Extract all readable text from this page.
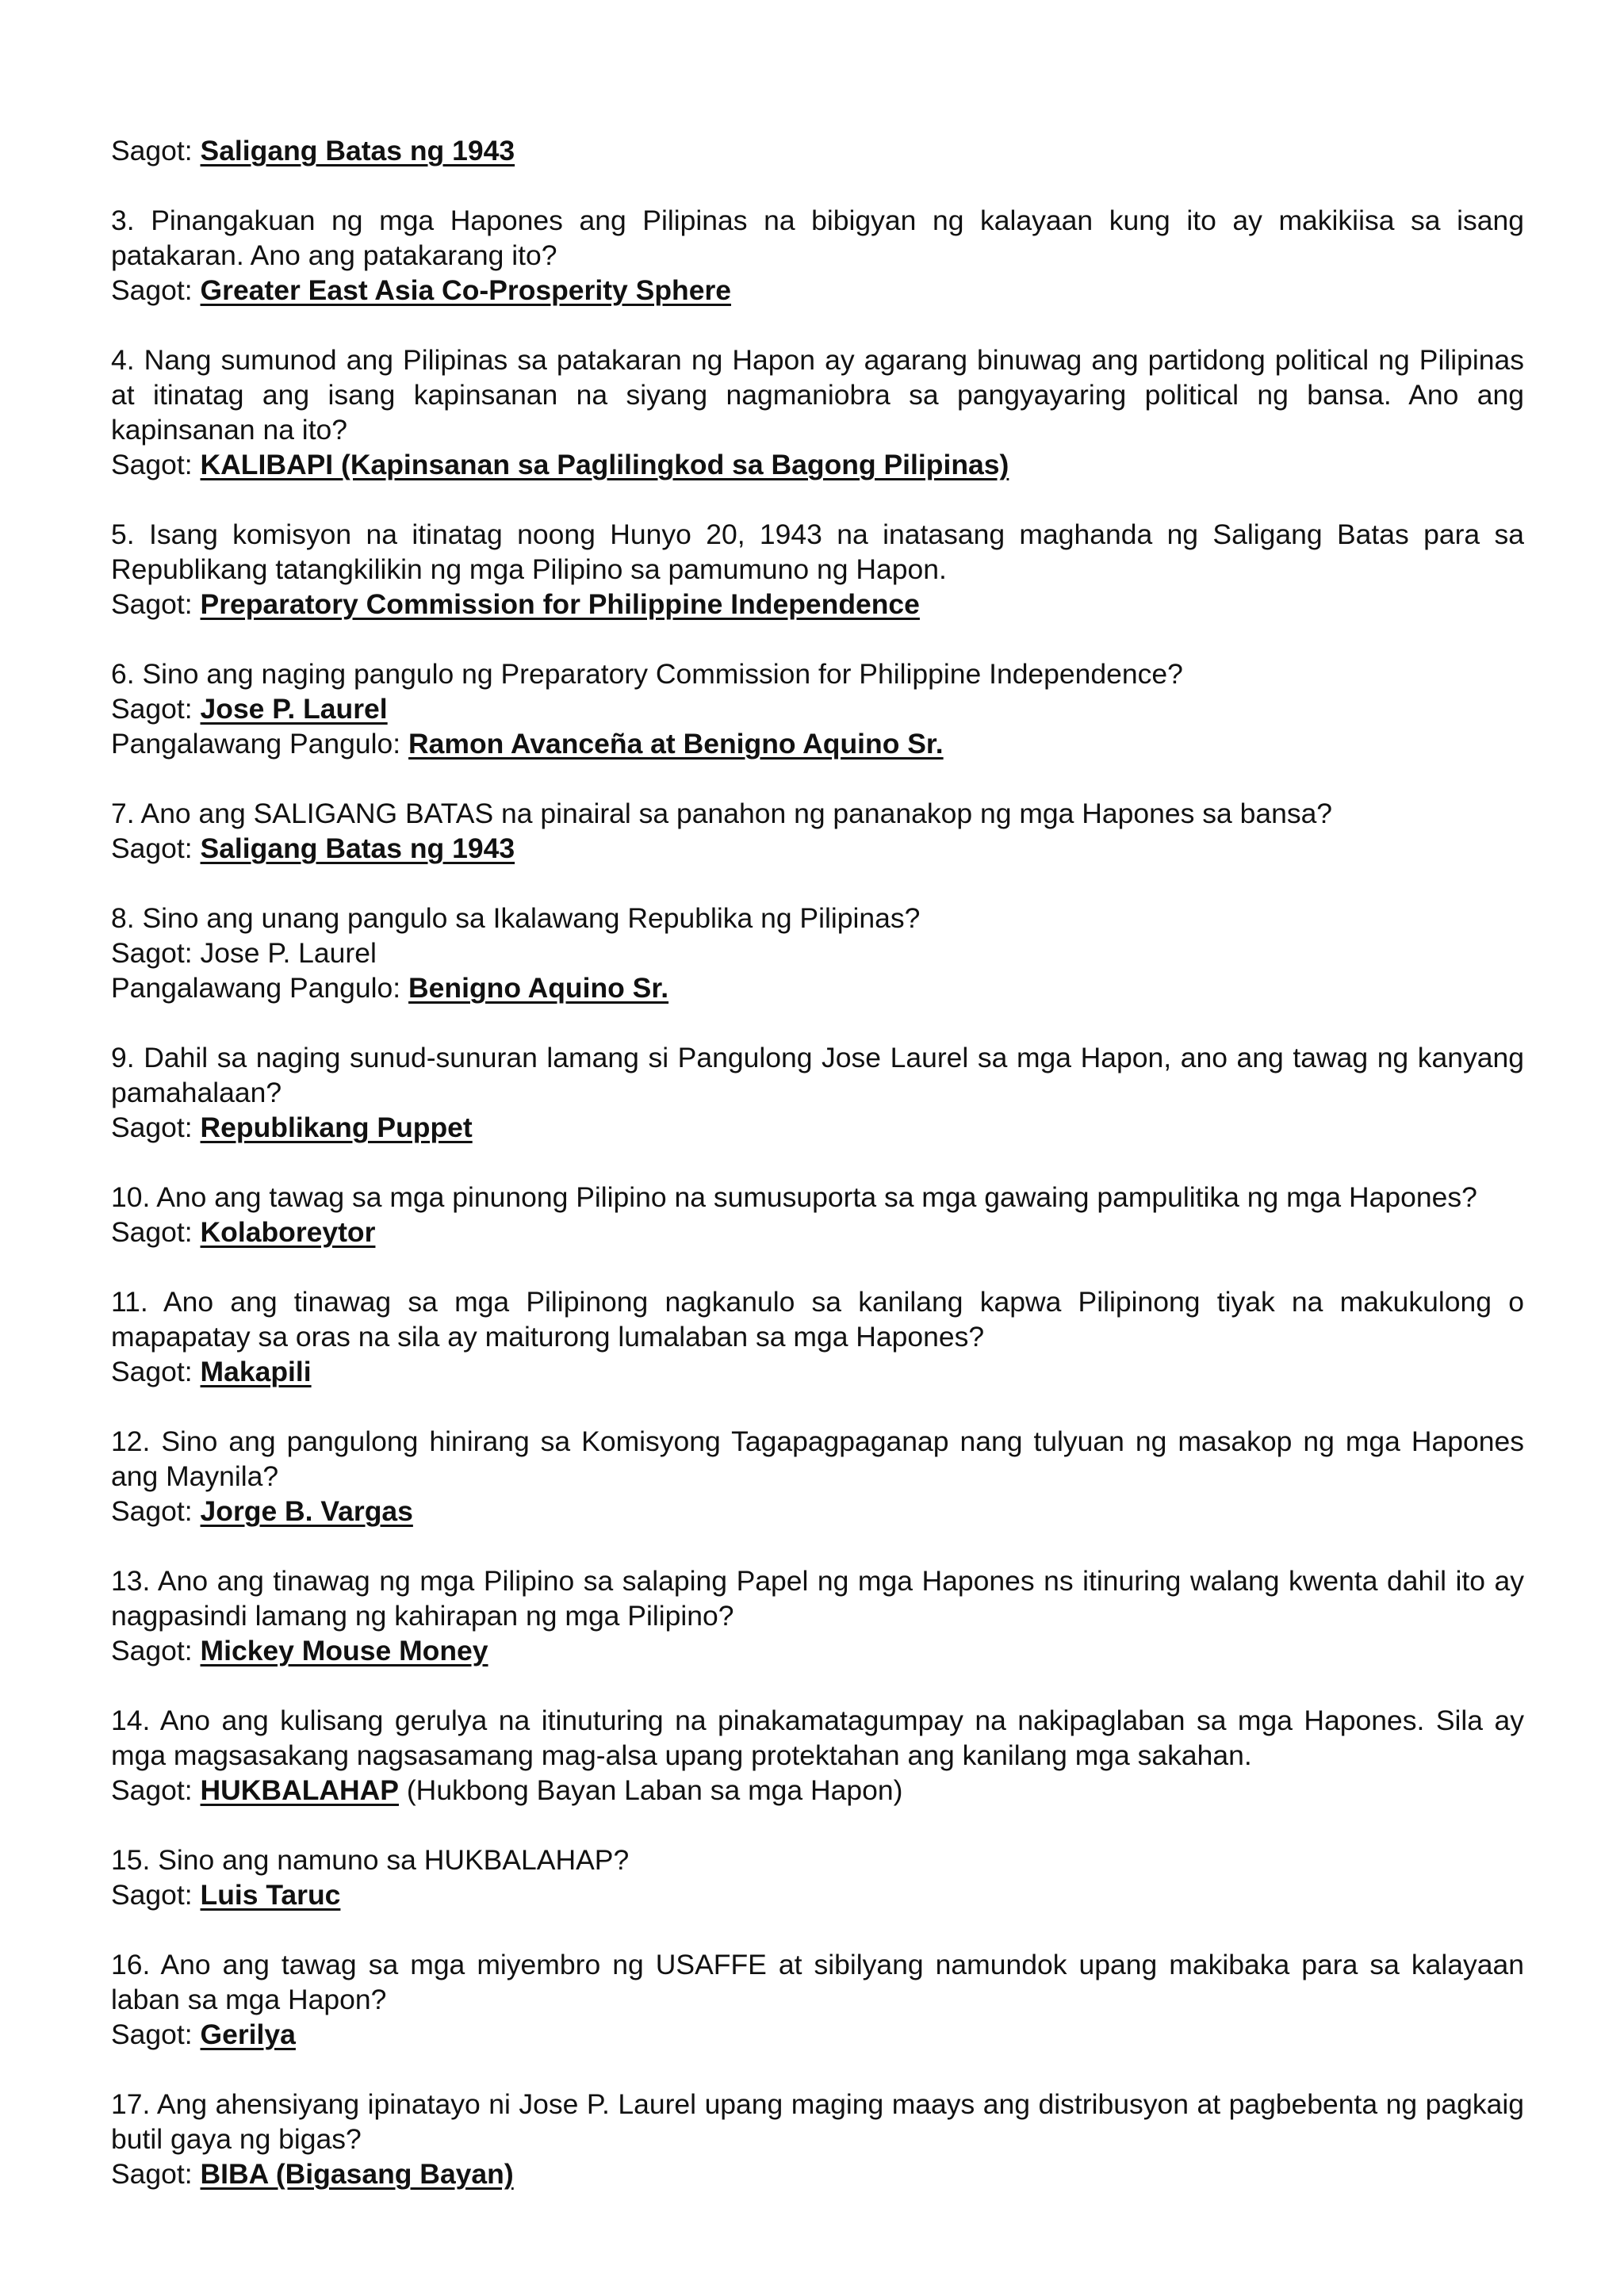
Sagot: Saligang Batas ng 1943
3. Pinangakuan ng mga Hapones ang Pilipinas na bibigyan ng kalayaan kung ito ay makikiisa sa isang patakaran. Ano ang patakarang ito?
Sagot: Greater East Asia Co-Prosperity Sphere
4. Nang sumunod ang Pilipinas sa patakaran ng Hapon ay agarang binuwag ang partidong political ng Pilipinas at itinatag ang isang kapinsanan na siyang nagmaniobra sa pangyayaring political ng bansa. Ano ang kapinsanan na ito?
Sagot: KALIBAPI (Kapinsanan sa Paglilingkod sa Bagong Pilipinas)
5. Isang komisyon na itinatag noong Hunyo 20, 1943 na inatasang maghanda ng Saligang Batas para sa Republikang tatangkilikin ng mga Pilipino sa pamumuno ng Hapon.
Sagot: Preparatory Commission for Philippine Independence
6. Sino ang naging pangulo ng Preparatory Commission for Philippine Independence?
Sagot: Jose P. Laurel
Pangalawang Pangulo: Ramon Avanceña at Benigno Aquino Sr.
7. Ano ang SALIGANG BATAS na pinairal sa panahon ng pananakop ng mga Hapones sa bansa?
Sagot: Saligang Batas ng 1943
8. Sino ang unang pangulo sa Ikalawang Republika ng Pilipinas?
Sagot: Jose P. Laurel
Pangalawang Pangulo: Benigno Aquino Sr.
9. Dahil sa naging sunud-sunuran lamang si Pangulong Jose Laurel sa mga Hapon, ano ang tawag ng kanyang pamahalaan?
Sagot: Republikang Puppet
10. Ano ang tawag sa mga pinunong Pilipino na sumusuporta sa mga gawaing pampulitika ng mga Hapones?
Sagot: Kolaboreytor
11. Ano ang tinawag sa mga Pilipinong nagkanulo sa kanilang kapwa Pilipinong tiyak na makukulong o mapapatay sa oras na sila ay maiturong lumalaban sa mga Hapones?
Sagot: Makapili
12. Sino ang pangulong hinirang sa Komisyong Tagapagpaganap nang tulyuan ng masakop ng mga Hapones ang Maynila?
Sagot: Jorge B. Vargas
13. Ano ang tinawag ng mga Pilipino sa salaping Papel ng mga Hapones ns itinuring walang kwenta dahil ito ay nagpasindi lamang ng kahirapan ng mga Pilipino?
Sagot: Mickey Mouse Money
14. Ano ang kulisang gerulya na itinuturing na pinakamatagumpay na nakipaglaban sa mga Hapones. Sila ay mga magsasakang nagsasamang mag-alsa upang protektahan ang kanilang mga sakahan.
Sagot: HUKBALAHAP (Hukbong Bayan Laban sa mga Hapon)
15. Sino ang namuno sa HUKBALAHAP?
Sagot: Luis Taruc
16. Ano ang tawag sa mga miyembro ng USAFFE at sibilyang namundok upang makibaka para sa kalayaan laban sa mga Hapon?
Sagot: Gerilya
17. Ang ahensiyang ipinatayo ni Jose P. Laurel upang maging maays ang distribusyon at pagbebenta ng pagkaig butil gaya ng bigas?
Sagot: BIBA (Bigasang Bayan)
